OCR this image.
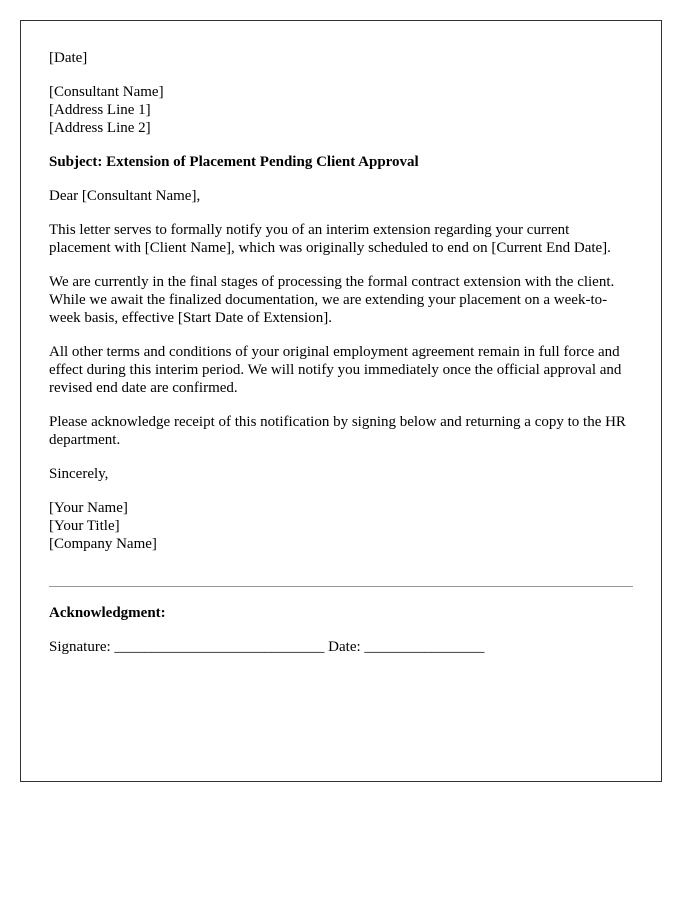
[Date]

[Consultant Name]
[Address Line 1]
[Address Line 2]

Subject: Extension of Placement Pending Client Approval

Dear [Consultant Name],

This letter serves to formally notify you of an interim extension regarding your current placement with [Client Name], which was originally scheduled to end on [Current End Date].

We are currently in the final stages of processing the formal contract extension with the client. While we await the finalized documentation, we are extending your placement on a week-to-week basis, effective [Start Date of Extension].

All other terms and conditions of your original employment agreement remain in full force and effect during this interim period. We will notify you immediately once the official approval and revised end date are confirmed.

Please acknowledge receipt of this notification by signing below and returning a copy to the HR department.

Sincerely,

[Your Name]
[Your Title]
[Company Name]

Acknowledgment:

Signature: ____________________________ Date: ________________
